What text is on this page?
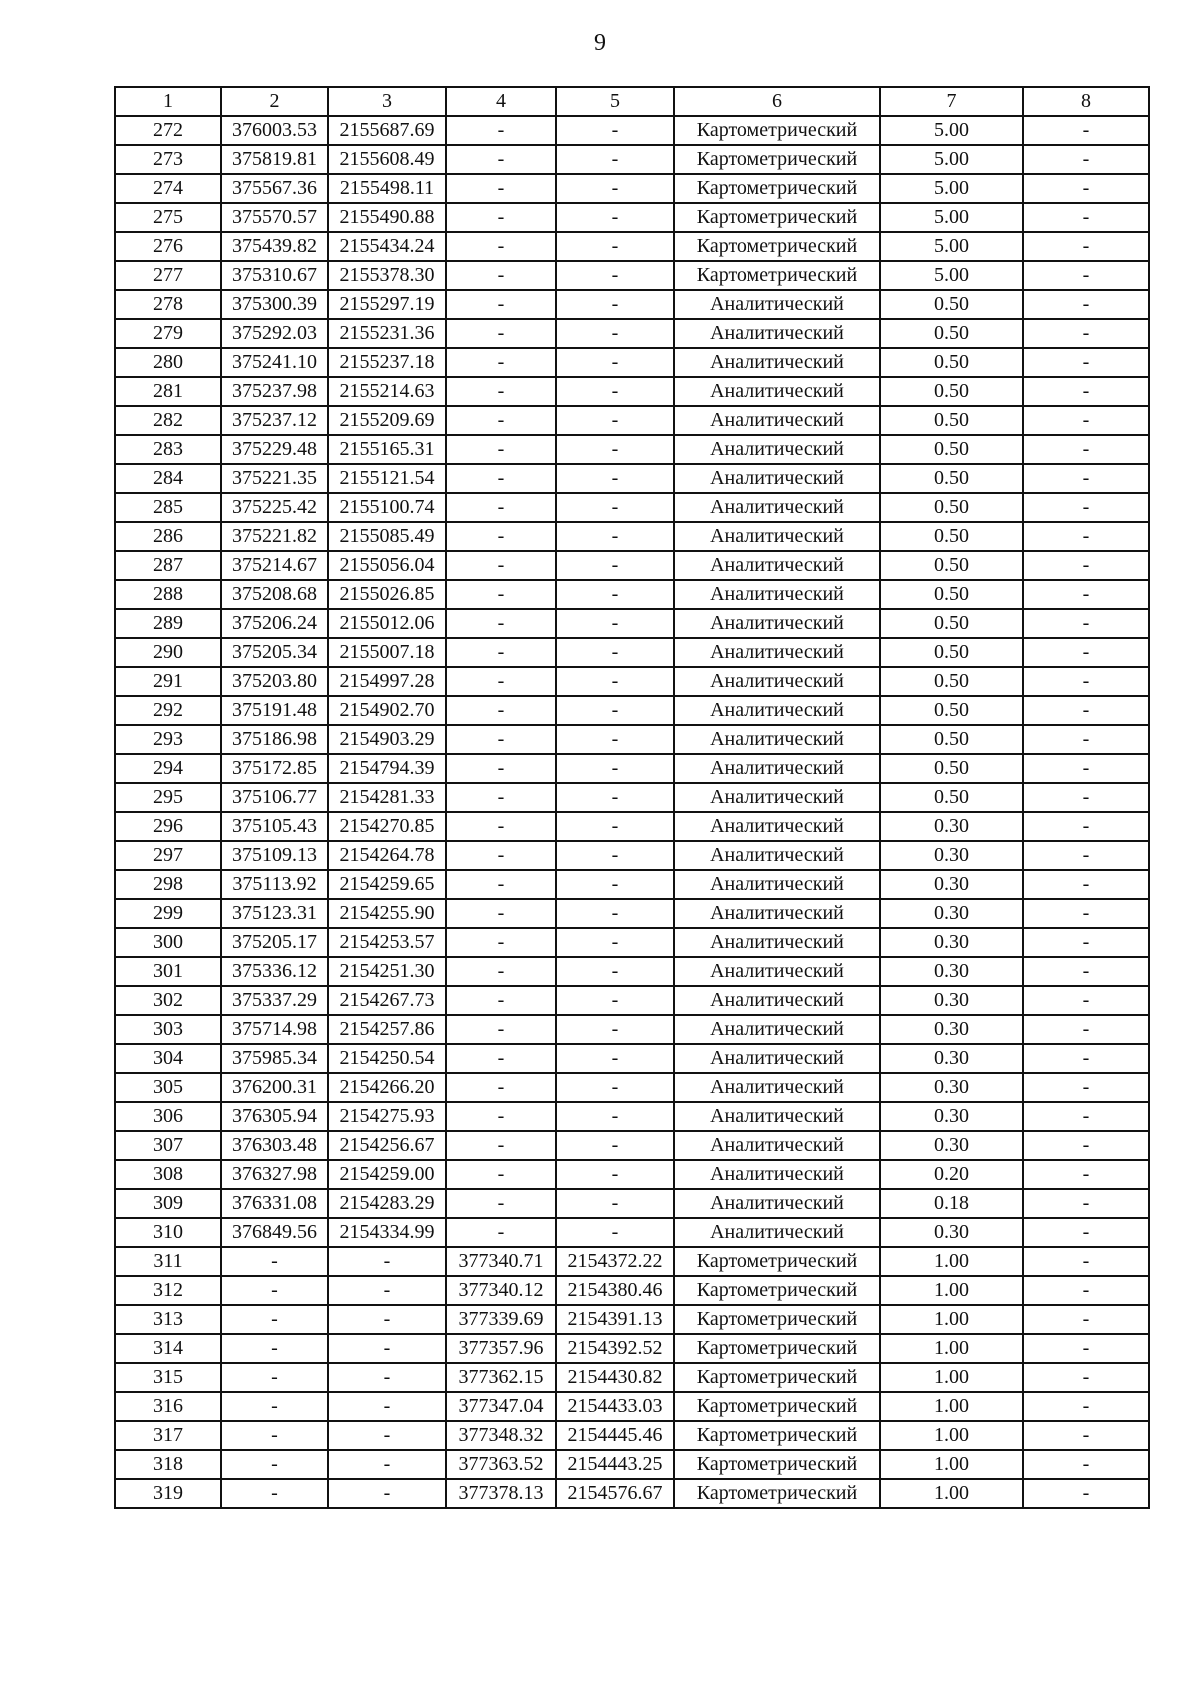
9
1	2	3	4	5	6	7	8
272	376003.53	2155687.69	-	-	Картометрический	5.00	-
273	375819.81	2155608.49	-	-	Картометрический	5.00	-
274	375567.36	2155498.11	-	-	Картометрический	5.00	-
275	375570.57	2155490.88	-	-	Картометрический	5.00	-
276	375439.82	2155434.24	-	-	Картометрический	5.00	-
277	375310.67	2155378.30	-	-	Картометрический	5.00	-
278	375300.39	2155297.19	-	-	Аналитический	0.50	-
279	375292.03	2155231.36	-	-	Аналитический	0.50	-
280	375241.10	2155237.18	-	-	Аналитический	0.50	-
281	375237.98	2155214.63	-	-	Аналитический	0.50	-
282	375237.12	2155209.69	-	-	Аналитический	0.50	-
283	375229.48	2155165.31	-	-	Аналитический	0.50	-
284	375221.35	2155121.54	-	-	Аналитический	0.50	-
285	375225.42	2155100.74	-	-	Аналитический	0.50	-
286	375221.82	2155085.49	-	-	Аналитический	0.50	-
287	375214.67	2155056.04	-	-	Аналитический	0.50	-
288	375208.68	2155026.85	-	-	Аналитический	0.50	-
289	375206.24	2155012.06	-	-	Аналитический	0.50	-
290	375205.34	2155007.18	-	-	Аналитический	0.50	-
291	375203.80	2154997.28	-	-	Аналитический	0.50	-
292	375191.48	2154902.70	-	-	Аналитический	0.50	-
293	375186.98	2154903.29	-	-	Аналитический	0.50	-
294	375172.85	2154794.39	-	-	Аналитический	0.50	-
295	375106.77	2154281.33	-	-	Аналитический	0.50	-
296	375105.43	2154270.85	-	-	Аналитический	0.30	-
297	375109.13	2154264.78	-	-	Аналитический	0.30	-
298	375113.92	2154259.65	-	-	Аналитический	0.30	-
299	375123.31	2154255.90	-	-	Аналитический	0.30	-
300	375205.17	2154253.57	-	-	Аналитический	0.30	-
301	375336.12	2154251.30	-	-	Аналитический	0.30	-
302	375337.29	2154267.73	-	-	Аналитический	0.30	-
303	375714.98	2154257.86	-	-	Аналитический	0.30	-
304	375985.34	2154250.54	-	-	Аналитический	0.30	-
305	376200.31	2154266.20	-	-	Аналитический	0.30	-
306	376305.94	2154275.93	-	-	Аналитический	0.30	-
307	376303.48	2154256.67	-	-	Аналитический	0.30	-
308	376327.98	2154259.00	-	-	Аналитический	0.20	-
309	376331.08	2154283.29	-	-	Аналитический	0.18	-
310	376849.56	2154334.99	-	-	Аналитический	0.30	-
311	-	-	377340.71	2154372.22	Картометрический	1.00	-
312	-	-	377340.12	2154380.46	Картометрический	1.00	-
313	-	-	377339.69	2154391.13	Картометрический	1.00	-
314	-	-	377357.96	2154392.52	Картометрический	1.00	-
315	-	-	377362.15	2154430.82	Картометрический	1.00	-
316	-	-	377347.04	2154433.03	Картометрический	1.00	-
317	-	-	377348.32	2154445.46	Картометрический	1.00	-
318	-	-	377363.52	2154443.25	Картометрический	1.00	-
319	-	-	377378.13	2154576.67	Картометрический	1.00	-
